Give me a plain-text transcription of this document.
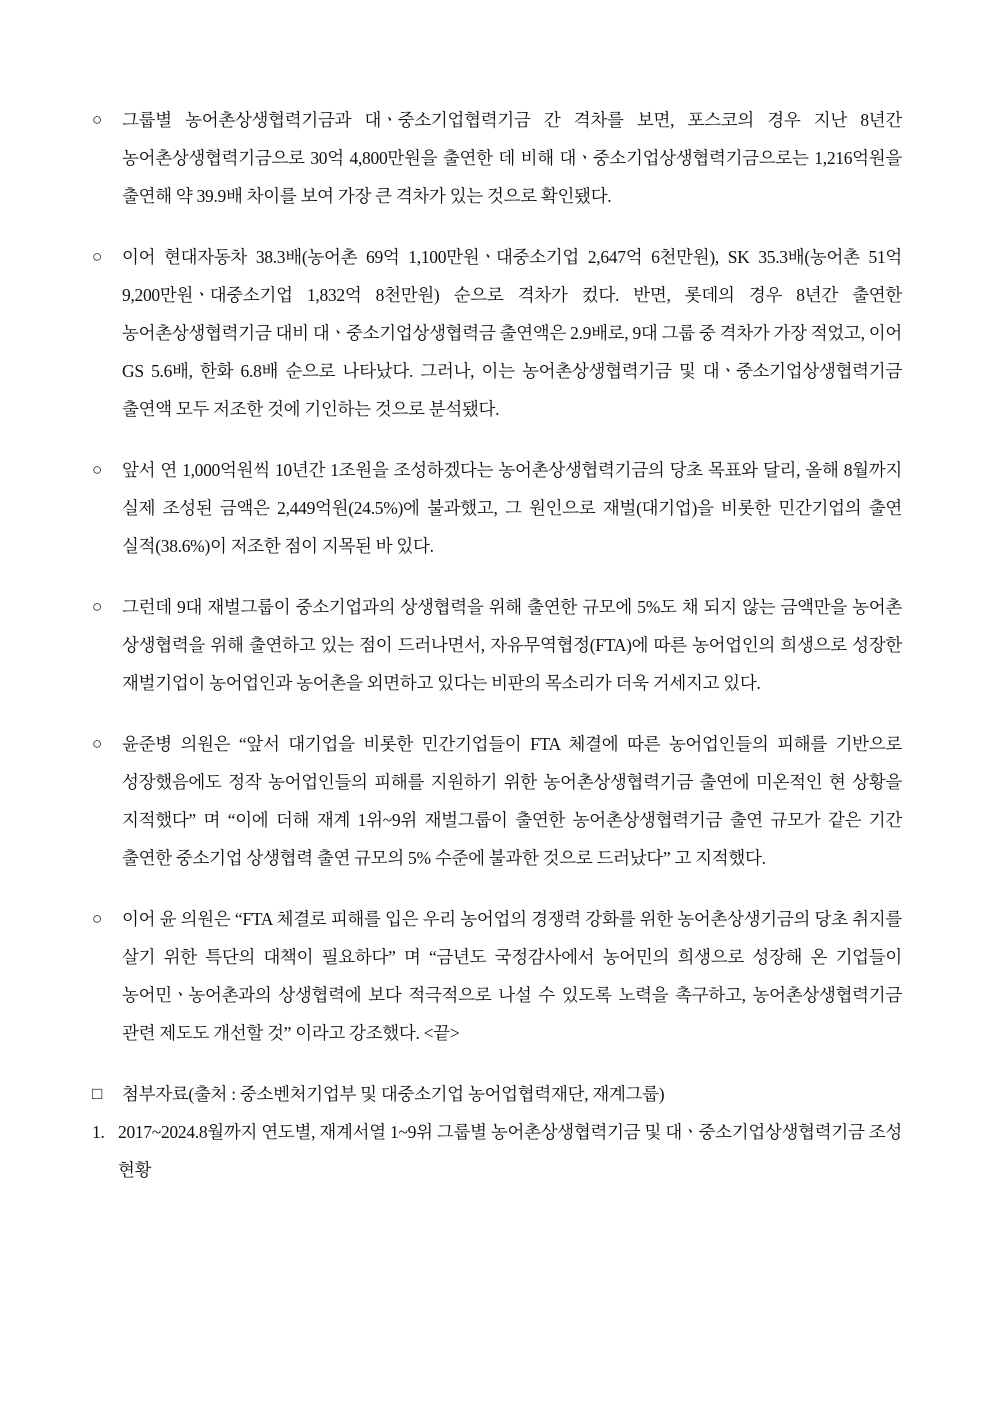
○	그룹별 농어촌상생협력기금과 대ㆍ중소기업협력기금 간 격차를 보면, 포스코의 경우 지난 8년간 농어촌상생협력기금으로 30억 4,800만원을 출연한 데 비해 대ㆍ중소기업상생협력기금으로는 1,216억원을 출연해 약 39.9배 차이를 보여 가장 큰 격차가 있는 것으로 확인됐다.
○	이어 현대자동차 38.3배(농어촌 69억 1,100만원ㆍ대중소기업 2,647억 6천만원), SK 35.3배(농어촌 51억 9,200만원ㆍ대중소기업 1,832억 8천만원) 순으로 격차가 컸다. 반면, 롯데의 경우 8년간 출연한 농어촌상생협력기금 대비 대ㆍ중소기업상생협력금 출연액은 2.9배로, 9대 그룹 중 격차가 가장 적었고, 이어 GS 5.6배, 한화 6.8배 순으로 나타났다. 그러나, 이는 농어촌상생협력기금 및 대ㆍ중소기업상생협력기금 출연액 모두 저조한 것에 기인하는 것으로 분석됐다.
○	앞서 연 1,000억원씩 10년간 1조원을 조성하겠다는 농어촌상생협력기금의 당초 목표와 달리, 올해 8월까지 실제 조성된 금액은 2,449억원(24.5%)에 불과했고, 그 원인으로 재벌(대기업)을 비롯한 민간기업의 출연 실적(38.6%)이 저조한 점이 지목된 바 있다.
○	그런데 9대 재벌그룹이 중소기업과의 상생협력을 위해 출연한 규모에 5%도 채 되지 않는 금액만을 농어촌 상생협력을 위해 출연하고 있는 점이 드러나면서, 자유무역협정(FTA)에 따른 농어업인의 희생으로 성장한 재벌기업이 농어업인과 농어촌을 외면하고 있다는 비판의 목소리가 더욱 거세지고 있다.
○	윤준병 의원은 “앞서 대기업을 비롯한 민간기업들이 FTA 체결에 따른 농어업인들의 피해를 기반으로 성장했음에도 정작 농어업인들의 피해를 지원하기 위한 농어촌상생협력기금 출연에 미온적인 현 상황을 지적했다” 며 “이에 더해 재계 1위~9위 재벌그룹이 출연한 농어촌상생협력기금 출연 규모가 같은 기간 출연한 중소기업 상생협력 출연 규모의 5% 수준에 불과한 것으로 드러났다” 고 지적했다.
○	이어 윤 의원은 “FTA 체결로 피해를 입은 우리 농어업의 경쟁력 강화를 위한 농어촌상생기금의 당초 취지를 살기 위한 특단의 대책이 필요하다” 며 “금년도 국정감사에서 농어민의 희생으로 성장해 온 기업들이 농어민ㆍ농어촌과의 상생협력에 보다 적극적으로 나설 수 있도록 노력을 촉구하고, 농어촌상생협력기금 관련 제도도 개선할 것” 이라고 강조했다. <끝>
□	첨부자료(출처 : 중소벤처기업부 및 대중소기업 농어업협력재단, 재계그룹)
1. 2017~2024.8월까지 연도별, 재계서열 1~9위 그룹별 농어촌상생협력기금 및 대ㆍ중소기업상생협력기금 조성 현황
